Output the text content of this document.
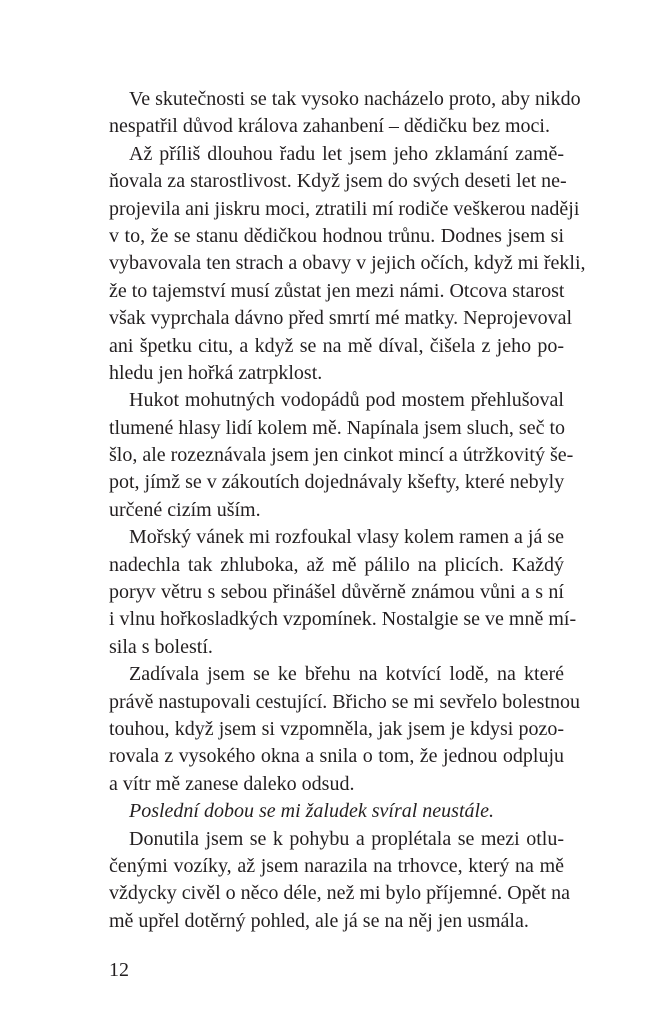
Ve skutečnosti se tak vysoko nacházelo proto, aby nikdo
nespatřil důvod králova zahanbení – dědičku bez moci.

Až příliš dlouhou řadu let jsem jeho zklamání zamě-
ňovala za starostlivost. Když jsem do svých deseti let ne-
projevila ani jiskru moci, ztratili mí rodiče veškerou naději
v to, že se stanu dědičkou hodnou trůnu. Dodnes jsem si
vybavovala ten strach a obavy v jejich očích, když mi řekli,
že to tajemství musí zůstat jen mezi námi. Otcova starost
však vyprchala dávno před smrtí mé matky. Neprojevoval
ani špetku citu, a když se na mě díval, čišela z jeho po-
hledu jen hořká zatrpklost.

Hukot mohutných vodopádů pod mostem přehlušoval
tlumené hlasy lidí kolem mě. Napínala jsem sluch, seč to
šlo, ale rozeznávala jsem jen cinkot mincí a útržkovitý še-
pot, jímž se v zákoutích dojednávaly kšefty, které nebyly
určené cizím uším.

Mořský vánek mi rozfoukal vlasy kolem ramen a já se
nadechla tak zhluboka, až mě pálilo na plicích. Každý
poryv větru s sebou přinášel důvěrně známou vůni a s ní
i vlnu hořkosladkých vzpomínek. Nostalgie se ve mně mí-
sila s bolestí.

Zadívala jsem se ke břehu na kotvící lodě, na které
právě nastupovali cestující. Břicho se mi sevřelo bolestnou
touhou, když jsem si vzpomněla, jak jsem je kdysi pozo-
rovala z vysokého okna a snila o tom, že jednou odpluju
a vítr mě zanese daleko odsud.

Poslední dobou se mi žaludek svíral neustále.

Donutila jsem se k pohybu a proplétala se mezi otlu-
čenými vozíky, až jsem narazila na trhovce, který na mě
vždycky civěl o něco déle, než mi bylo příjemné. Opět na
mě upřel dotěrný pohled, ale já se na něj jen usmála.

12
